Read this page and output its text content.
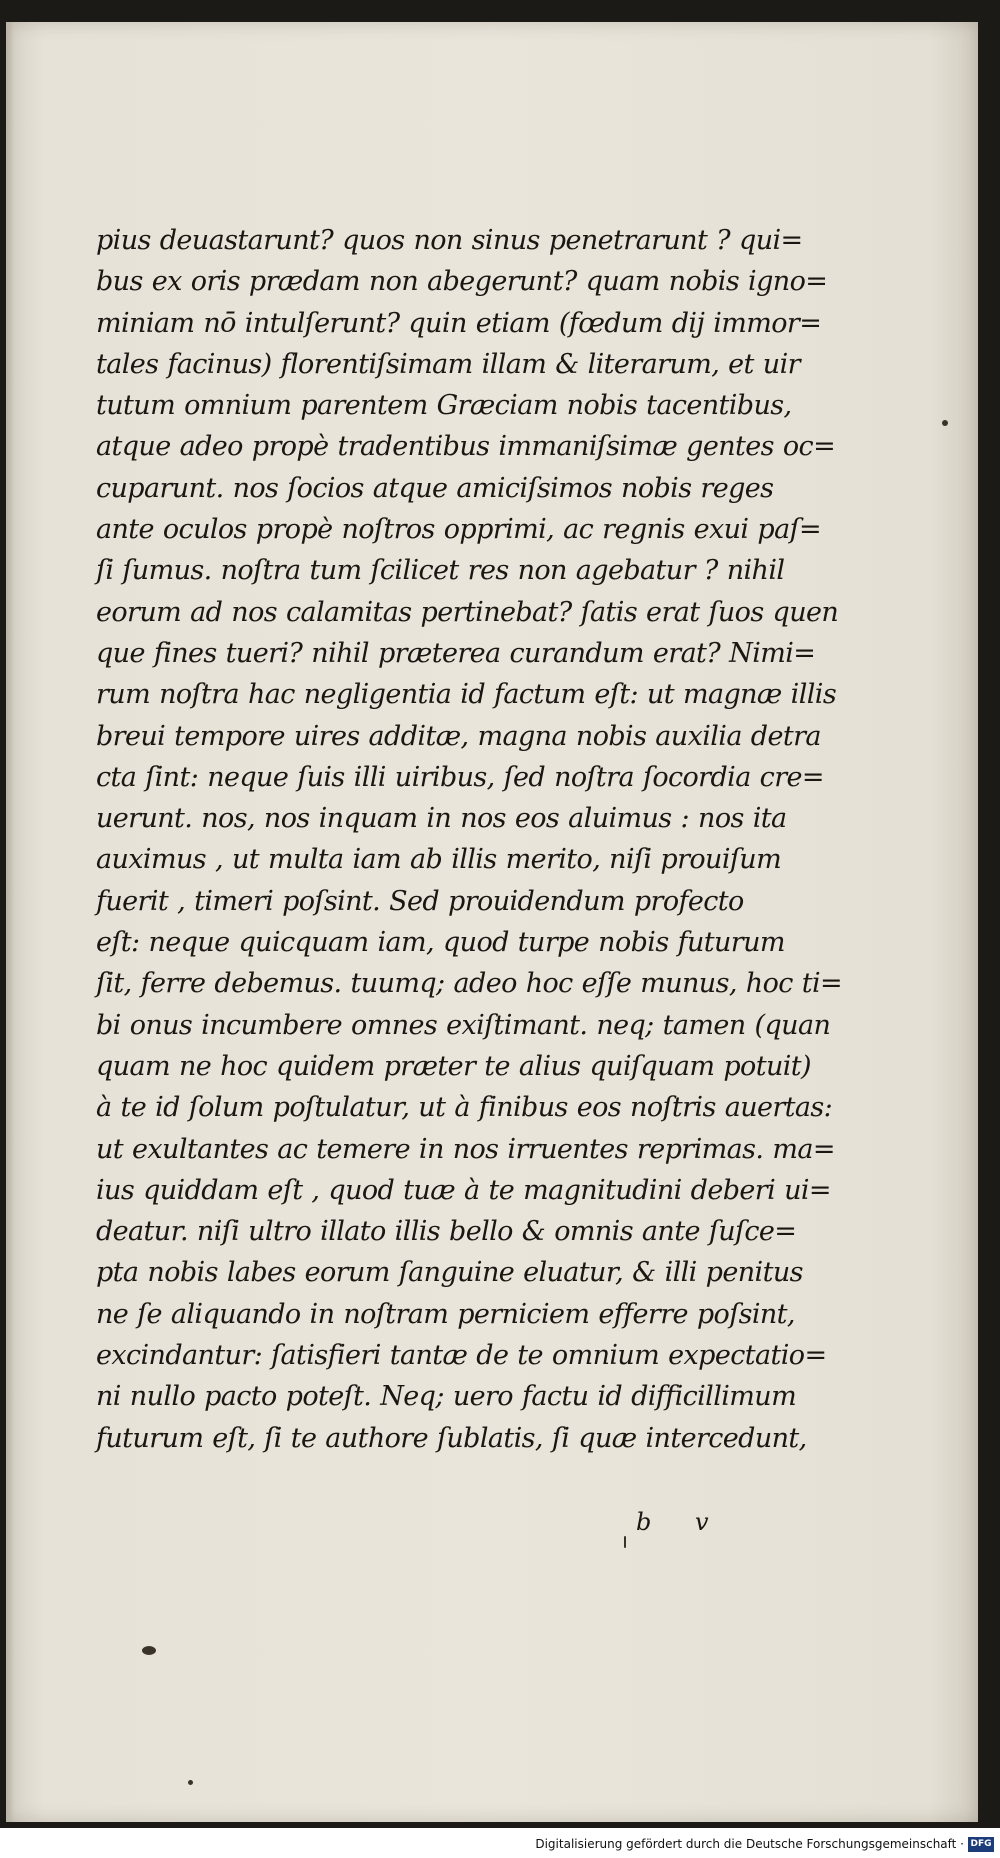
pius deuastarunt? quos non sinus penetrarunt ? qui=
bus ex oris prædam non abegerunt? quam nobis igno=
miniam nō intulſerunt? quin etiam (fœdum dij immor=
tales facinus) florentiſsimam illam & literarum, et uir
tutum omnium parentem Græciam nobis tacentibus,
atque adeo propè tradentibus immaniſsimæ gentes oc=
cuparunt. nos ſocios atque amiciſsimos nobis reges
ante oculos propè noſtros opprimi, ac regnis exui paſ=
ſi ſumus. noſtra tum ſcilicet res non agebatur ? nihil
eorum ad nos calamitas pertinebat? ſatis erat ſuos quen
que fines tueri? nihil præterea curandum erat? Nimi=
rum noſtra hac negligentia id factum eſt: ut magnæ illis
breui tempore uires additæ, magna nobis auxilia detra
cta ſint: neque ſuis illi uiribus, ſed noſtra ſocordia cre=
uerunt. nos, nos inquam in nos eos aluimus : nos ita
auximus , ut multa iam ab illis merito, niſi prouiſum
fuerit , timeri poſsint. Sed prouidendum profecto
eſt: neque quicquam iam, quod turpe nobis futurum
ſit, ferre debemus. tuumq; adeo hoc eſſe munus, hoc ti=
bi onus incumbere omnes exiſtimant. neq; tamen (quan
quam ne hoc quidem præter te alius quiſquam potuit)
à te id ſolum poſtulatur, ut à finibus eos noſtris auertas:
ut exultantes ac temere in nos irruentes reprimas. ma=
ius quiddam eſt , quod tuæ à te magnitudini deberi ui=
deatur. niſi ultro illato illis bello & omnis ante ſuſce=
pta nobis labes eorum ſanguine eluatur, & illi penitus
ne ſe aliquando in noſtram perniciem efferre poſsint,
excindantur: ſatisfieri tantæ de te omnium expectatio=
ni nullo pacto poteſt. Neq; uero factu id difficillimum
futurum eſt, ſi te authore ſublatis, ſi quæ intercedunt,
b v
Digitalisierung gefördert durch die Deutsche Forschungsgemeinschaft · DFG
